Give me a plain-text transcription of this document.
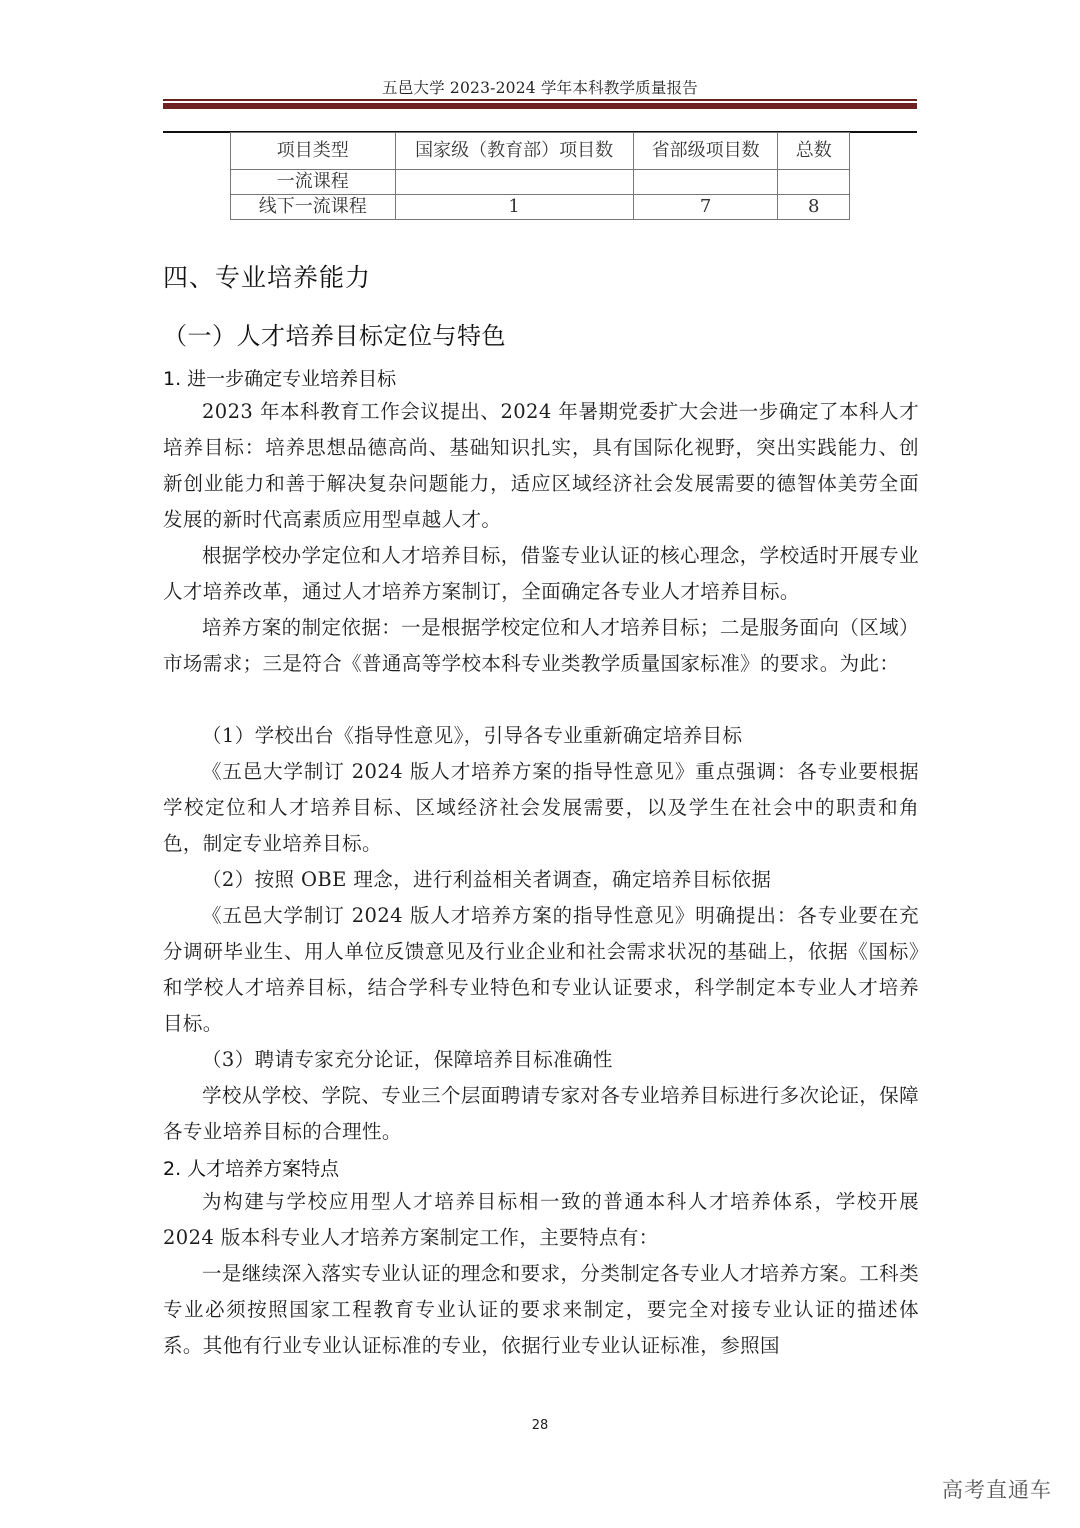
五邑大学 2023-2024 学年本科教学质量报告
项目类型	国家级（教育部）项目数	省部级项目数	总数
一流课程			
线下一流课程	1	7	8
四、专业培养能力
（一）人才培养目标定位与特色
1. 进一步确定专业培养目标
2023 年本科教育工作会议提出、2024 年暑期党委扩大会进一步确定了本科人才培养目标：培养思想品德高尚、基础知识扎实，具有国际化视野，突出实践能力、创新创业能力和善于解决复杂问题能力，适应区域经济社会发展需要的德智体美劳全面发展的新时代高素质应用型卓越人才。
根据学校办学定位和人才培养目标，借鉴专业认证的核心理念，学校适时开展专业人才培养改革，通过人才培养方案制订，全面确定各专业人才培养目标。
培养方案的制定依据：一是根据学校定位和人才培养目标；二是服务面向（区域）市场需求；三是符合《普通高等学校本科专业类教学质量国家标准》的要求。为此：
（1）学校出台《指导性意见》，引导各专业重新确定培养目标
《五邑大学制订 2024 版人才培养方案的指导性意见》重点强调：各专业要根据学校定位和人才培养目标、区域经济社会发展需要，以及学生在社会中的职责和角色，制定专业培养目标。
（2）按照 OBE 理念，进行利益相关者调查，确定培养目标依据
《五邑大学制订 2024 版人才培养方案的指导性意见》明确提出：各专业要在充分调研毕业生、用人单位反馈意见及行业企业和社会需求状况的基础上，依据《国标》和学校人才培养目标，结合学科专业特色和专业认证要求，科学制定本专业人才培养目标。
（3）聘请专家充分论证，保障培养目标准确性
学校从学校、学院、专业三个层面聘请专家对各专业培养目标进行多次论证，保障各专业培养目标的合理性。
2. 人才培养方案特点
为构建与学校应用型人才培养目标相一致的普通本科人才培养体系，学校开展 2024 版本科专业人才培养方案制定工作，主要特点有：
一是继续深入落实专业认证的理念和要求，分类制定各专业人才培养方案。工科类专业必须按照国家工程教育专业认证的要求来制定，要完全对接专业认证的描述体系。其他有行业专业认证标准的专业，依据行业专业认证标准，参照国
28
高考直通车
